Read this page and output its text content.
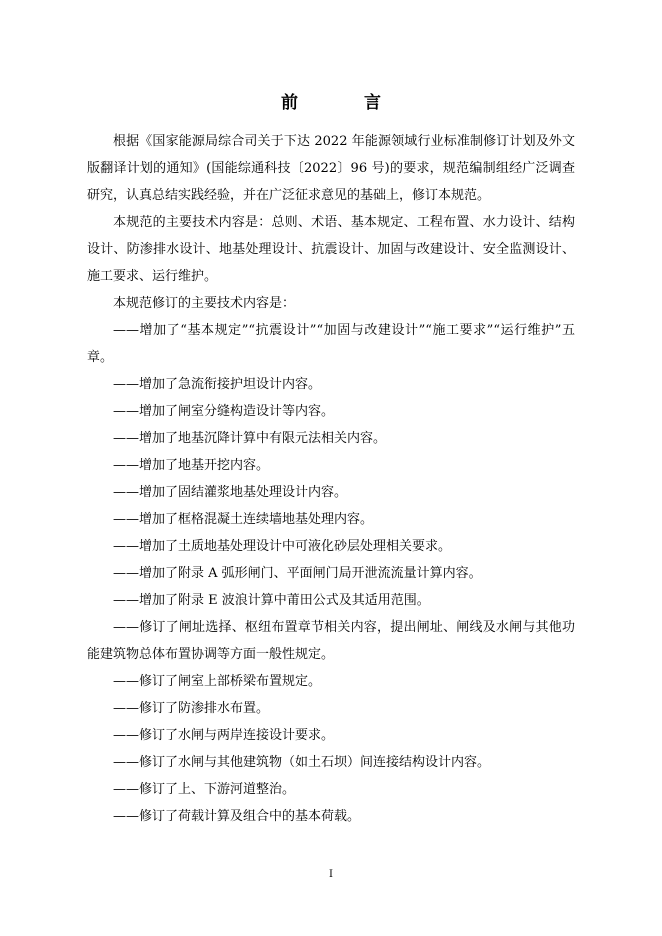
前 言

根据《国家能源局综合司关于下达 2022 年能源领域行业标准制修订计划及外文版翻译计划的通知》(国能综通科技〔2022〕96 号)的要求，规范编制组经广泛调查研究，认真总结实践经验，并在广泛征求意见的基础上，修订本规范。

本规范的主要技术内容是：总则、术语、基本规定、工程布置、水力设计、结构设计、防渗排水设计、地基处理设计、抗震设计、加固与改建设计、安全监测设计、施工要求、运行维护。

本规范修订的主要技术内容是：

——增加了“基本规定”“抗震设计”“加固与改建设计”“施工要求”“运行维护”五章。

——增加了急流衔接护坦设计内容。

——增加了闸室分缝构造设计等内容。

——增加了地基沉降计算中有限元法相关内容。

——增加了地基开挖内容。

——增加了固结灌浆地基处理设计内容。

——增加了框格混凝土连续墙地基处理内容。

——增加了土质地基处理设计中可液化砂层处理相关要求。

——增加了附录 A 弧形闸门、平面闸门局开泄流流量计算内容。

——增加了附录 E 波浪计算中莆田公式及其适用范围。

——修订了闸址选择、枢纽布置章节相关内容，提出闸址、闸线及水闸与其他功能建筑物总体布置协调等方面一般性规定。

——修订了闸室上部桥梁布置规定。

——修订了防渗排水布置。

——修订了水闸与两岸连接设计要求。

——修订了水闸与其他建筑物（如土石坝）间连接结构设计内容。

——修订了上、下游河道整治。

——修订了荷载计算及组合中的基本荷载。

I
